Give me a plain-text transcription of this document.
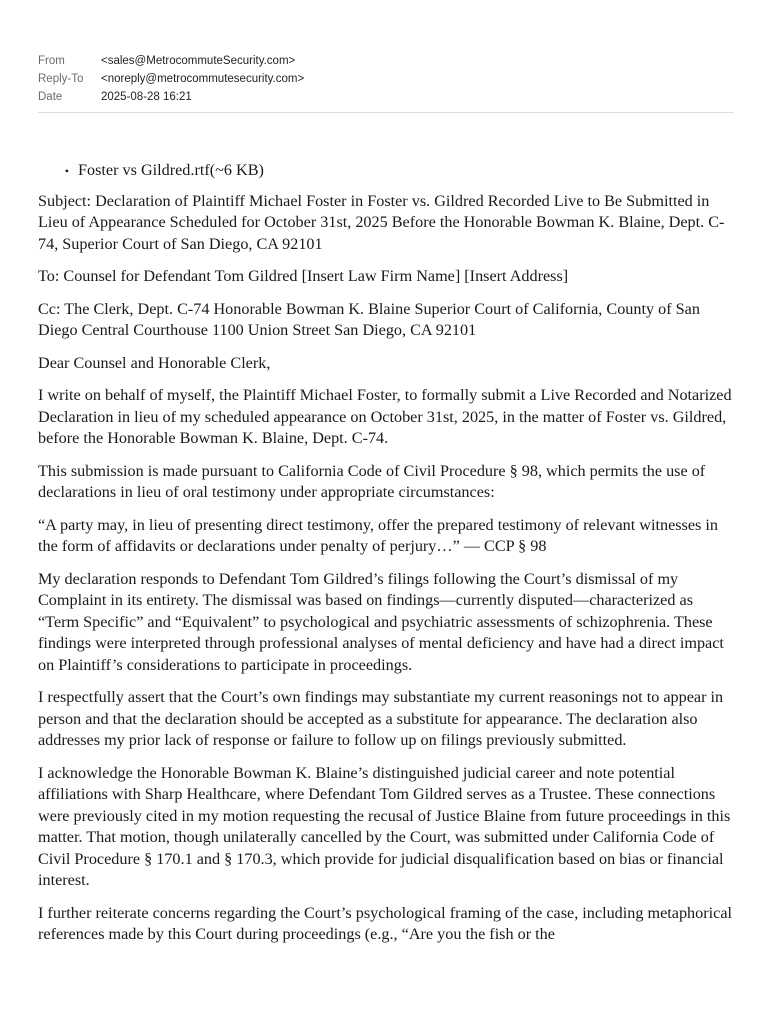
From	<sales@MetrocommuteSecurity.com>
Reply-To	<noreply@metrocommutesecurity.com>
Date	2025-08-28 16:21
• Foster vs Gildred.rtf(~6 KB)

Subject: Declaration of Plaintiff Michael Foster in Foster vs. Gildred Recorded Live to Be Submitted in Lieu of Appearance Scheduled for October 31st, 2025 Before the Honorable Bowman K. Blaine, Dept. C-74, Superior Court of San Diego, CA 92101

To: Counsel for Defendant Tom Gildred [Insert Law Firm Name] [Insert Address]

Cc: The Clerk, Dept. C-74 Honorable Bowman K. Blaine Superior Court of California, County of San Diego Central Courthouse 1100 Union Street San Diego, CA 92101

Dear Counsel and Honorable Clerk,

I write on behalf of myself, the Plaintiff Michael Foster, to formally submit a Live Recorded and Notarized Declaration in lieu of my scheduled appearance on October 31st, 2025, in the matter of Foster vs. Gildred, before the Honorable Bowman K. Blaine, Dept. C-74.

This submission is made pursuant to California Code of Civil Procedure § 98, which permits the use of declarations in lieu of oral testimony under appropriate circumstances:

“A party may, in lieu of presenting direct testimony, offer the prepared testimony of relevant witnesses in the form of affidavits or declarations under penalty of perjury…” — CCP § 98

My declaration responds to Defendant Tom Gildred’s filings following the Court’s dismissal of my Complaint in its entirety. The dismissal was based on findings—currently disputed—characterized as “Term Specific” and “Equivalent” to psychological and psychiatric assessments of schizophrenia. These findings were interpreted through professional analyses of mental deficiency and have had a direct impact on Plaintiff’s considerations to participate in proceedings.

I respectfully assert that the Court’s own findings may substantiate my current reasonings not to appear in person and that the declaration should be accepted as a substitute for appearance. The declaration also addresses my prior lack of response or failure to follow up on filings previously submitted.

I acknowledge the Honorable Bowman K. Blaine’s distinguished judicial career and note potential affiliations with Sharp Healthcare, where Defendant Tom Gildred serves as a Trustee. These connections were previously cited in my motion requesting the recusal of Justice Blaine from future proceedings in this matter. That motion, though unilaterally cancelled by the Court, was submitted under California Code of Civil Procedure § 170.1 and § 170.3, which provide for judicial disqualification based on bias or financial interest.

I further reiterate concerns regarding the Court’s psychological framing of the case, including metaphorical references made by this Court during proceedings (e.g., “Are you the fish or the
